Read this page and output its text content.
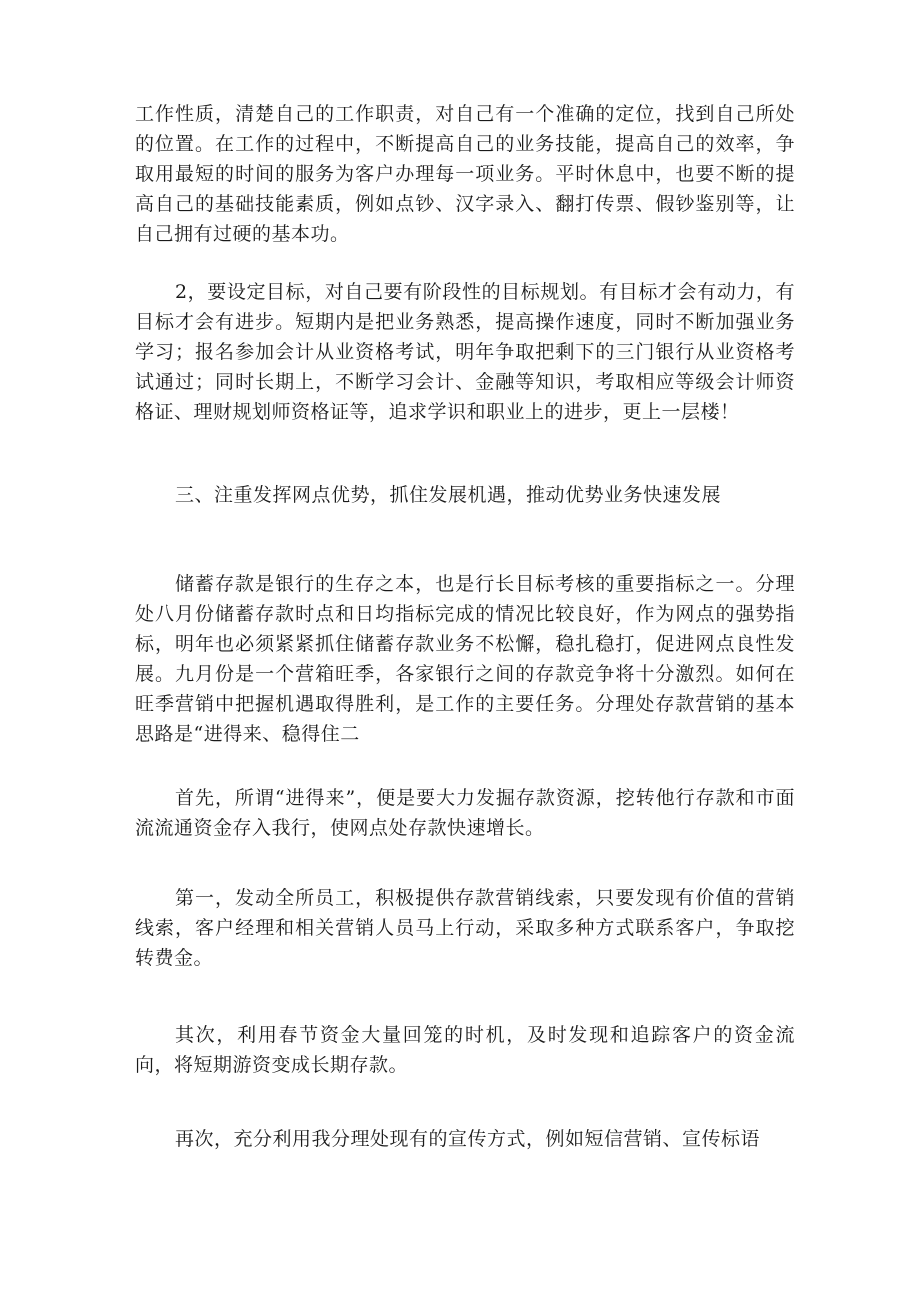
工作性质，清楚自己的工作职责，对自己有一个准确的定位，找到自己所处的位置。在工作的过程中，不断提高自己的业务技能，提高自己的效率，争取用最短的时间的服务为客户办理每一项业务。平时休息中，也要不断的提高自己的基础技能素质，例如点钞、汉字录入、翻打传票、假钞鉴别等，让自己拥有过硬的基本功。

2，要设定目标，对自己要有阶段性的目标规划。有目标才会有动力，有目标才会有进步。短期内是把业务熟悉，提高操作速度，同时不断加强业务学习；报名参加会计从业资格考试，明年争取把剩下的三门银行从业资格考试通过；同时长期上，不断学习会计、金融等知识，考取相应等级会计师资格证、理财规划师资格证等，追求学识和职业上的进步，更上一层楼！

三、注重发挥网点优势，抓住发展机遇，推动优势业务快速发展

储蓄存款是银行的生存之本，也是行长目标考核的重要指标之一。分理处八月份储蓄存款时点和日均指标完成的情况比较良好，作为网点的强势指标，明年也必须紧紧抓住储蓄存款业务不松懈，稳扎稳打，促进网点良性发展。九月份是一个营箱旺季，各家银行之间的存款竞争将十分激烈。如何在旺季营销中把握机遇取得胜利，是工作的主要任务。分理处存款营销的基本思路是“进得来、稳得住二

首先，所谓“进得来”，便是要大力发掘存款资源，挖转他行存款和市面流流通资金存入我行，使网点处存款快速增长。

第一，发动全所员工，积极提供存款营销线索，只要发现有价值的营销线索，客户经理和相关营销人员马上行动，采取多种方式联系客户，争取挖转费金。

其次，利用春节资金大量回笼的时机，及时发现和追踪客户的资金流向，将短期游资变成长期存款。

再次，充分利用我分理处现有的宣传方式，例如短信营销、宣传标语
